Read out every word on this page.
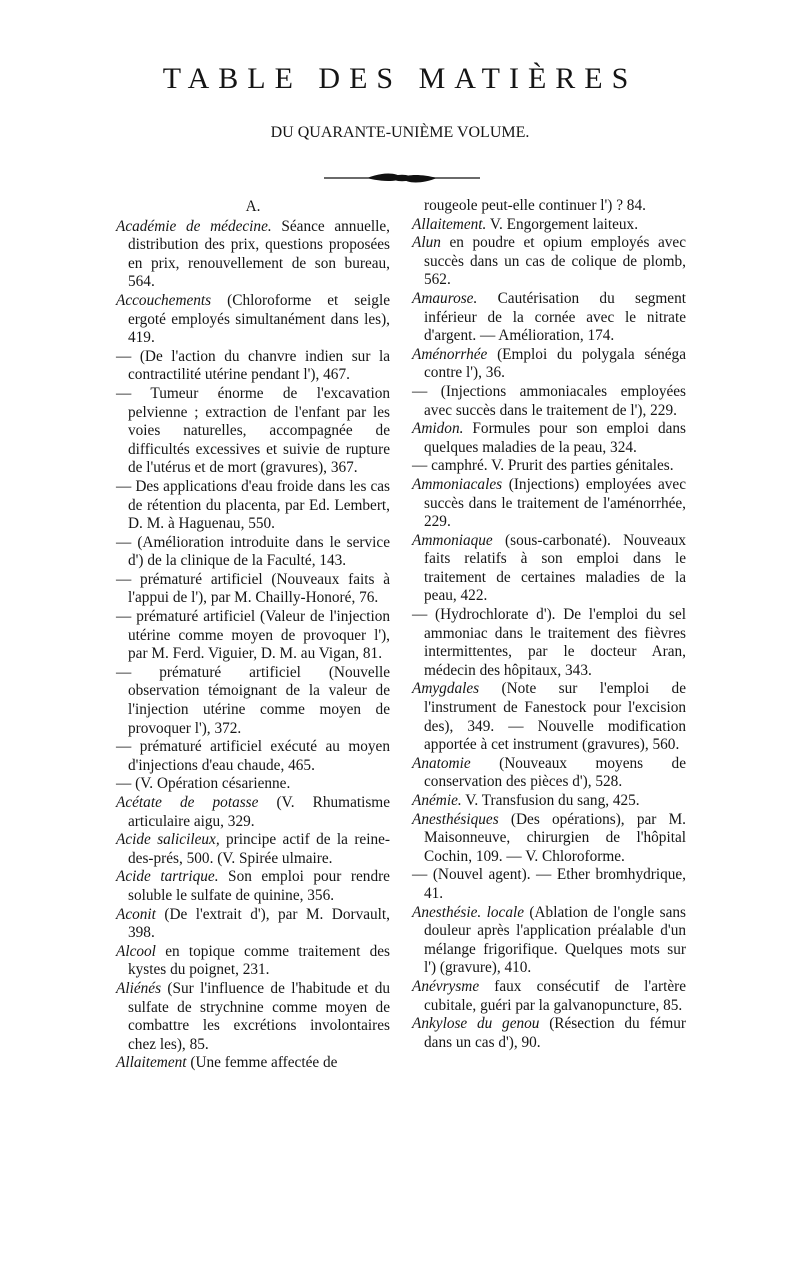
TABLE DES MATIÈRES
DU QUARANTE-UNIÈME VOLUME.
A.

Académie de médecine. Séance annuelle, distribution des prix, questions proposées en prix, renouvellement de son bureau, 564.

Accouchements (Chloroforme et seigle ergoté employés simultanément dans les), 419.

— (De l'action du chanvre indien sur la contractilité utérine pendant l'), 467.

— Tumeur énorme de l'excavation pelvienne ; extraction de l'enfant par les voies naturelles, accompagnée de difficultés excessives et suivie de rupture de l'utérus et de mort (gravures), 367.

— Des applications d'eau froide dans les cas de rétention du placenta, par Ed. Lembert, D. M. à Haguenau, 550.

— (Amélioration introduite dans le service d') de la clinique de la Faculté, 143.

— prématuré artificiel (Nouveaux faits à l'appui de l'), par M. Chailly-Honoré, 76.

— prématuré artificiel (Valeur de l'injection utérine comme moyen de provoquer l'), par M. Ferd. Viguier, D. M. au Vigan, 81.

— prématuré artificiel (Nouvelle observation témoignant de la valeur de l'injection utérine comme moyen de provoquer l'), 372.

— prématuré artificiel exécuté au moyen d'injections d'eau chaude, 465.

— (V. Opération césarienne.

Acétate de potasse (V. Rhumatisme articulaire aigu, 329.

Acide salicileux, principe actif de la reine-des-prés, 500. (V. Spirée ulmaire.

Acide tartrique. Son emploi pour rendre soluble le sulfate de quinine, 356.

Aconit (De l'extrait d'), par M. Dorvault, 398.

Alcool en topique comme traitement des kystes du poignet, 231.

Aliénés (Sur l'influence de l'habitude et du sulfate de strychnine comme moyen de combattre les excrétions involontaires chez les), 85.

Allaitement (Une femme affectée de

rougeole peut-elle continuer l') ? 84.

Allaitement. V. Engorgement laiteux.

Alun en poudre et opium employés avec succès dans un cas de colique de plomb, 562.

Amaurose. Cautérisation du segment inférieur de la cornée avec le nitrate d'argent. — Amélioration, 174.

Aménorrhée (Emploi du polygala sénéga contre l'), 36.

— (Injections ammoniacales employées avec succès dans le traitement de l'), 229.

Amidon. Formules pour son emploi dans quelques maladies de la peau, 324.

— camphré. V. Prurit des parties génitales.

Ammoniacales (Injections) employées avec succès dans le traitement de l'aménorrhée, 229.

Ammoniaque (sous-carbonaté). Nouveaux faits relatifs à son emploi dans le traitement de certaines maladies de la peau, 422.

— (Hydrochlorate d'). De l'emploi du sel ammoniac dans le traitement des fièvres intermittentes, par le docteur Aran, médecin des hôpitaux, 343.

Amygdales (Note sur l'emploi de l'instrument de Fanestock pour l'excision des), 349. — Nouvelle modification apportée à cet instrument (gravures), 560.

Anatomie (Nouveaux moyens de conservation des pièces d'), 528.

Anémie. V. Transfusion du sang, 425.

Anesthésiques (Des opérations), par M. Maisonneuve, chirurgien de l'hôpital Cochin, 109. — V. Chloroforme.

— (Nouvel agent). — Ether bromhydrique, 41.

Anesthésie. locale (Ablation de l'ongle sans douleur après l'application préalable d'un mélange frigorifique. Quelques mots sur l') (gravure), 410.

Anévrysme faux consécutif de l'artère cubitale, guéri par la galvanopuncture, 85.

Ankylose du genou (Résection du fémur dans un cas d'), 90.
